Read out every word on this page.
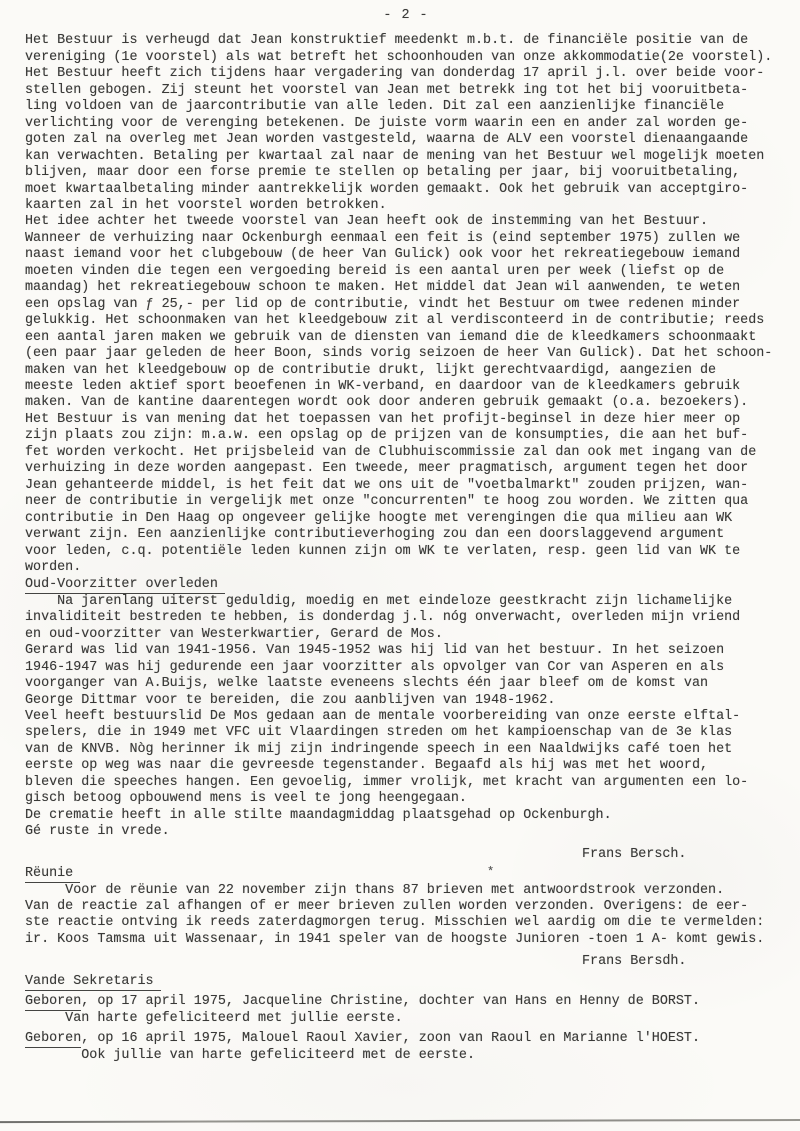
- 2 -
Het Bestuur is verheugd dat Jean konstruktief meedenkt m.b.t. de financiële positie van de
vereniging (1e voorstel) als wat betreft het schoonhouden van onze akkommodatie(2e voorstel).
Het Bestuur heeft zich tijdens haar vergadering van donderdag 17 april j.l. over beide voor-
stellen gebogen. Zij steunt het voorstel van Jean met betrekk ing tot het bij vooruitbeta-
ling voldoen van de jaarcontributie van alle leden. Dit zal een aanzienlijke financiële
verlichting voor de verenging betekenen. De juiste vorm waarin een en ander zal worden ge-
goten zal na overleg met Jean worden vastgesteld, waarna de ALV een voorstel dienaangaande
kan verwachten. Betaling per kwartaal zal naar de mening van het Bestuur wel mogelijk moeten
blijven, maar door een forse premie te stellen op betaling per jaar, bij vooruitbetaling,
moet kwartaalbetaling minder aantrekkelijk worden gemaakt. Ook het gebruik van acceptgiro-
kaarten zal in het voorstel worden betrokken.
Het idee achter het tweede voorstel van Jean heeft ook de instemming van het Bestuur.
Wanneer de verhuizing naar Ockenburgh eenmaal een feit is (eind september 1975) zullen we
naast iemand voor het clubgebouw (de heer Van Gulick) ook voor het rekreatiegebouw iemand
moeten vinden die tegen een vergoeding bereid is een aantal uren per week (liefst op de
maandag) het rekreatiegebouw schoon te maken. Het middel dat Jean wil aanwenden, te weten
een opslag van ƒ 25,- per lid op de contributie, vindt het Bestuur om twee redenen minder
gelukkig. Het schoonmaken van het kleedgebouw zit al verdisconteerd in de contributie; reeds
een aantal jaren maken we gebruik van de diensten van iemand die de kleedkamers schoonmaakt
(een paar jaar geleden de heer Boon, sinds vorig seizoen de heer Van Gulick). Dat het schoon-
maken van het kleedgebouw op de contributie drukt, lijkt gerechtvaardigd, aangezien de
meeste leden aktief sport beoefenen in WK-verband, en daardoor van de kleedkamers gebruik
maken. Van de kantine daarentegen wordt ook door anderen gebruik gemaakt (o.a. bezoekers).
Het Bestuur is van mening dat het toepassen van het profijt-beginsel in deze hier meer op
zijn plaats zou zijn: m.a.w. een opslag op de prijzen van de konsumpties, die aan het buf-
fet worden verkocht. Het prijsbeleid van de Clubhuiscommissie zal dan ook met ingang van de
verhuizing in deze worden aangepast. Een tweede, meer pragmatisch, argument tegen het door
Jean gehanteerde middel, is het feit dat we ons uit de "voetbalmarkt" zouden prijzen, wan-
neer de contributie in vergelijk met onze "concurrenten" te hoog zou worden. We zitten qua
contributie in Den Haag op ongeveer gelijke hoogte met verengingen die qua milieu aan WK
verwant zijn. Een aanzienlijke contributieverhoging zou dan een doorslaggevend argument
voor leden, c.q. potentiële leden kunnen zijn om WK te verlaten, resp. geen lid van WK te
worden.
Oud-Voorzitter overleden
Na jarenlang uiterst geduldig, moedig en met eindeloze geestkracht zijn lichamelijke
invaliditeit bestreden te hebben, is donderdag j.l. nóg onverwacht, overleden mijn vriend
en oud-voorzitter van Westerkwartier, Gerard de Mos.
Gerard was lid van 1941-1956. Van 1945-1952 was hij lid van het bestuur. In het seizoen
1946-1947 was hij gedurende een jaar voorzitter als opvolger van Cor van Asperen en als
voorganger van A.Buijs, welke laatste eveneens slechts één jaar bleef om de komst van
George Dittmar voor te bereiden, die zou aanblijven van 1948-1962.
Veel heeft bestuurslid De Mos gedaan aan de mentale voorbereiding van onze eerste elftal-
spelers, die in 1949 met VFC uit Vlaardingen streden om het kampioenschap van de 3e klas
van de KNVB. Nòg herinner ik mij zijn indringende speech in een Naaldwijks café toen het
eerste op weg was naar die gevreesde tegenstander. Begaafd als hij was met het woord,
bleven die speeches hangen. Een gevoelig, immer vrolijk, met kracht van argumenten een lo-
gisch betoog opbouwend mens is veel te jong heengegaan.
De crematie heeft in alle stilte maandagmiddag plaatsgehad op Ockenburgh.
Gé ruste in vrede.
Frans Bersch.
Rëunie	*
Voor de rëunie van 22 november zijn thans 87 brieven met antwoordstrook verzonden.
Van de reactie zal afhangen of er meer brieven zullen worden verzonden. Overigens: de eer-
ste reactie ontving ik reeds zaterdagmorgen terug. Misschien wel aardig om die te vermelden:
ir. Koos Tamsma uit Wassenaar, in 1941 speler van de hoogste Junioren -toen 1 A- komt gewis.
Frans Bersdh.
Vande Sekretaris
Geboren, op 17 april 1975, Jacqueline Christine, dochter van Hans en Henny de BORST.
Van harte gefeliciteerd met jullie eerste.
Geboren, op 16 april 1975, Malouel Raoul Xavier, zoon van Raoul en Marianne l'HOEST.
Ook jullie van harte gefeliciteerd met de eerste.
